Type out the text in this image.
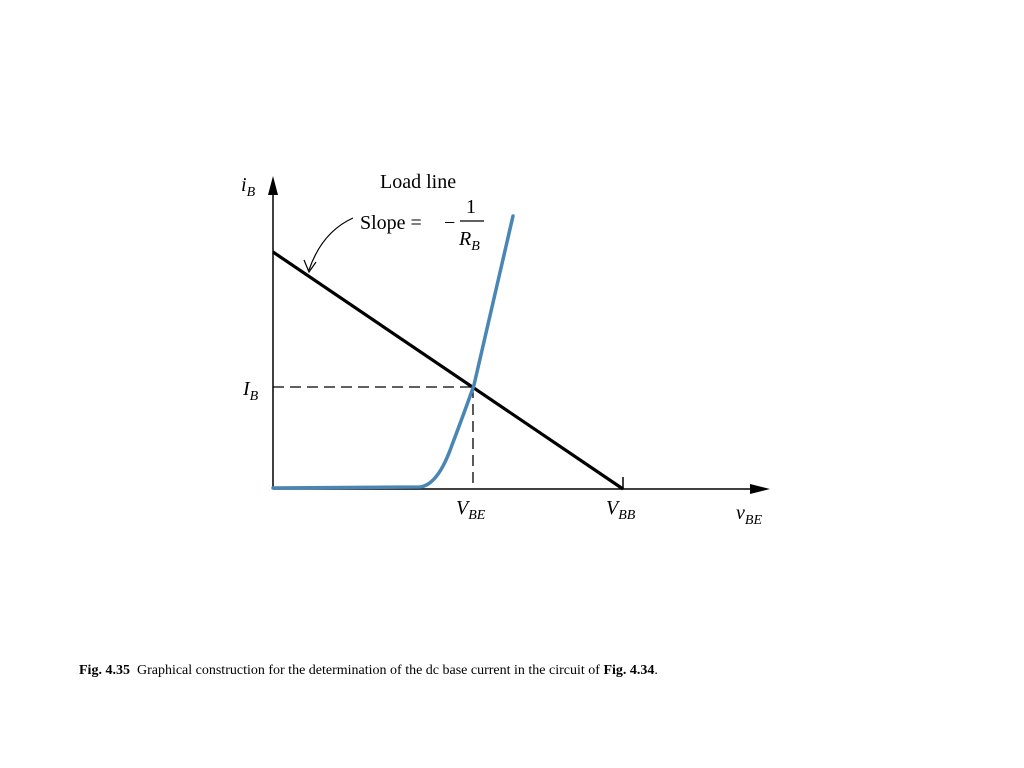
$i_B$	Load line
Slope = −
1
$R_B$
$I_B$
$V_{BE}$	$V_{BB}$	$v_{BE}$
Fig. 4.35 Graphical construction for the determination of the dc base current in the circuit of Fig. 4.34.
